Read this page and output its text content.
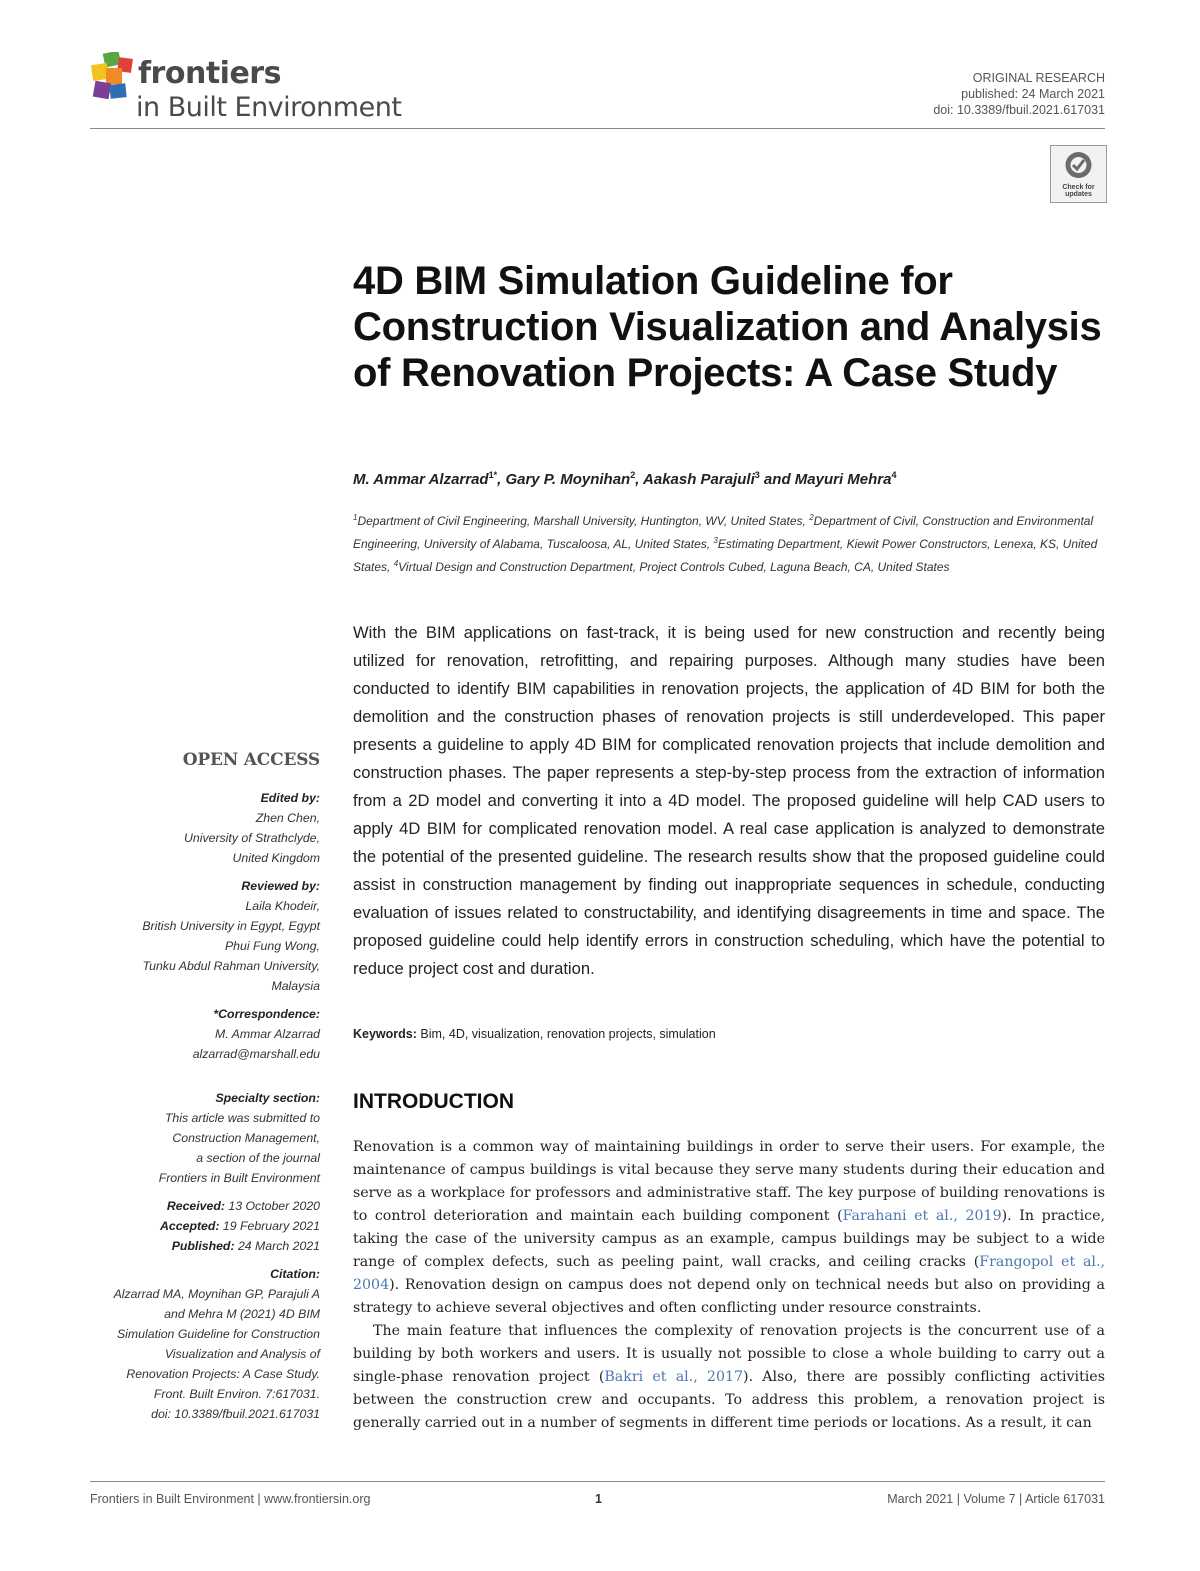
frontiers
in Built Environment
ORIGINAL RESEARCH
published: 24 March 2021
doi: 10.3389/fbuil.2021.617031
Check for updates
4D BIM Simulation Guideline for Construction Visualization and Analysis of Renovation Projects: A Case Study
M. Ammar Alzarrad$^{1*}$, Gary P. Moynihan$^2$, Aakash Parajuli$^3$ and Mayuri Mehra$^4$
$^1$Department of Civil Engineering, Marshall University, Huntington, WV, United States, $^2$Department of Civil, Construction and Environmental Engineering, University of Alabama, Tuscaloosa, AL, United States, $^3$Estimating Department, Kiewit Power Constructors, Lenexa, KS, United States, $^4$Virtual Design and Construction Department, Project Controls Cubed, Laguna Beach, CA, United States

With the BIM applications on fast-track, it is being used for new construction and recently being utilized for renovation, retrofitting, and repairing purposes. Although many studies have been conducted to identify BIM capabilities in renovation projects, the application of 4D BIM for both the demolition and the construction phases of renovation projects is still underdeveloped. This paper presents a guideline to apply 4D BIM for complicated renovation projects that include demolition and construction phases. The paper represents a step-by-step process from the extraction of information from a 2D model and converting it into a 4D model. The proposed guideline will help CAD users to apply 4D BIM for complicated renovation model. A real case application is analyzed to demonstrate the potential of the presented guideline. The research results show that the proposed guideline could assist in construction management by finding out inappropriate sequences in schedule, conducting evaluation of issues related to constructability, and identifying disagreements in time and space. The proposed guideline could help identify errors in construction scheduling, which have the potential to reduce project cost and duration.

Keywords: Bim, 4D, visualization, renovation projects, simulation
INTRODUCTION

Renovation is a common way of maintaining buildings in order to serve their users. For example, the maintenance of campus buildings is vital because they serve many students during their education and serve as a workplace for professors and administrative staff. The key purpose of building renovations is to control deterioration and maintain each building component (Farahani et al., 2019). In practice, taking the case of the university campus as an example, campus buildings may be subject to a wide range of complex defects, such as peeling paint, wall cracks, and ceiling cracks (Frangopol et al., 2004). Renovation design on campus does not depend only on technical needs but also on providing a strategy to achieve several objectives and often conflicting under resource constraints.

The main feature that influences the complexity of renovation projects is the concurrent use of a building by both workers and users. It is usually not possible to close a whole building to carry out a single-phase renovation project (Bakri et al., 2017). Also, there are possibly conflicting activities between the construction crew and occupants. To address this problem, a renovation project is generally carried out in a number of segments in different time periods or locations. As a result, it can

OPEN ACCESS
Edited by:
Zhen Chen,
University of Strathclyde,
United Kingdom
Reviewed by:
Laila Khodeir,
British University in Egypt, Egypt
Phui Fung Wong,
Tunku Abdul Rahman University,
Malaysia
*Correspondence:
M. Ammar Alzarrad
alzarrad@marshall.edu
Specialty section:
This article was submitted to
Construction Management,
a section of the journal
Frontiers in Built Environment
Received: 13 October 2020
Accepted: 19 February 2021
Published: 24 March 2021
Citation:
Alzarrad MA, Moynihan GP, Parajuli A
and Mehra M (2021) 4D BIM
Simulation Guideline for Construction
Visualization and Analysis of
Renovation Projects: A Case Study.
Front. Built Environ. 7:617031.
doi: 10.3389/fbuil.2021.617031
Frontiers in Built Environment | www.frontiersin.org	1	March 2021 | Volume 7 | Article 617031
